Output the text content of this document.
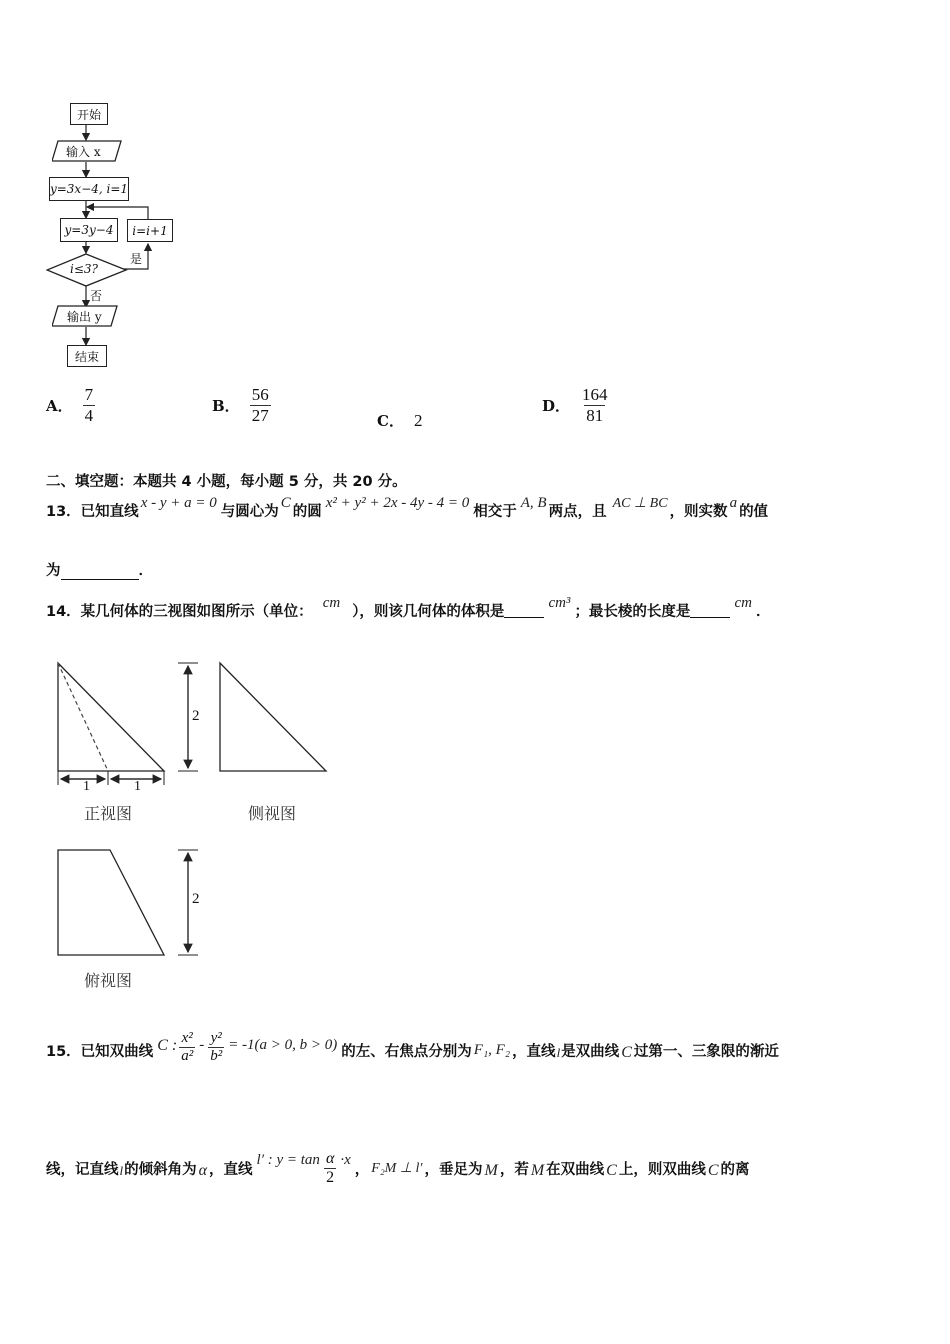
开始
输入 x
y=3x−4, i=1
y=3y−4	i=i+1
i≤3?
是
否
输出 y
结束
A． $\frac{7}{4}$	B． $\frac{56}{27}$	C． 2
D． $\frac{164}{81}$
二、填空题：本题共 4 小题，每小题 5 分，共 20 分。
13．已知直线
x - y + a = 0
与圆心为
C
的圆
x² + y² + 2x - 4y - 4 = 0
相交于
A, B
两点，且
AC ⊥ BC
，则实数
a
的值
为	．
14．某几何体的三视图如图所示（单位：
cm
），则该几何体的体积是
cm³
；最长棱的长度是
cm
．
1	1
2
2
正视图	侧视图
俯视图
15．已知双曲线 C : $\frac{\text{x²}}{\text{a²}} - \frac{\text{y²}}{\text{b²}} = -1(a > 0$, b > 0) 的左、右焦点分别为 F₁, F₂ ，直线 l 是双曲线 C 过第一、三象限的渐近
线，记直线 l 的倾斜角为 α ，直线
l′ : $y = \tan \frac{\alpha}{2} \cdot x$
， F₂M ⊥ l′ ，垂足为 M ，若 M 在双曲线 C 上，则双曲线 C 的离
